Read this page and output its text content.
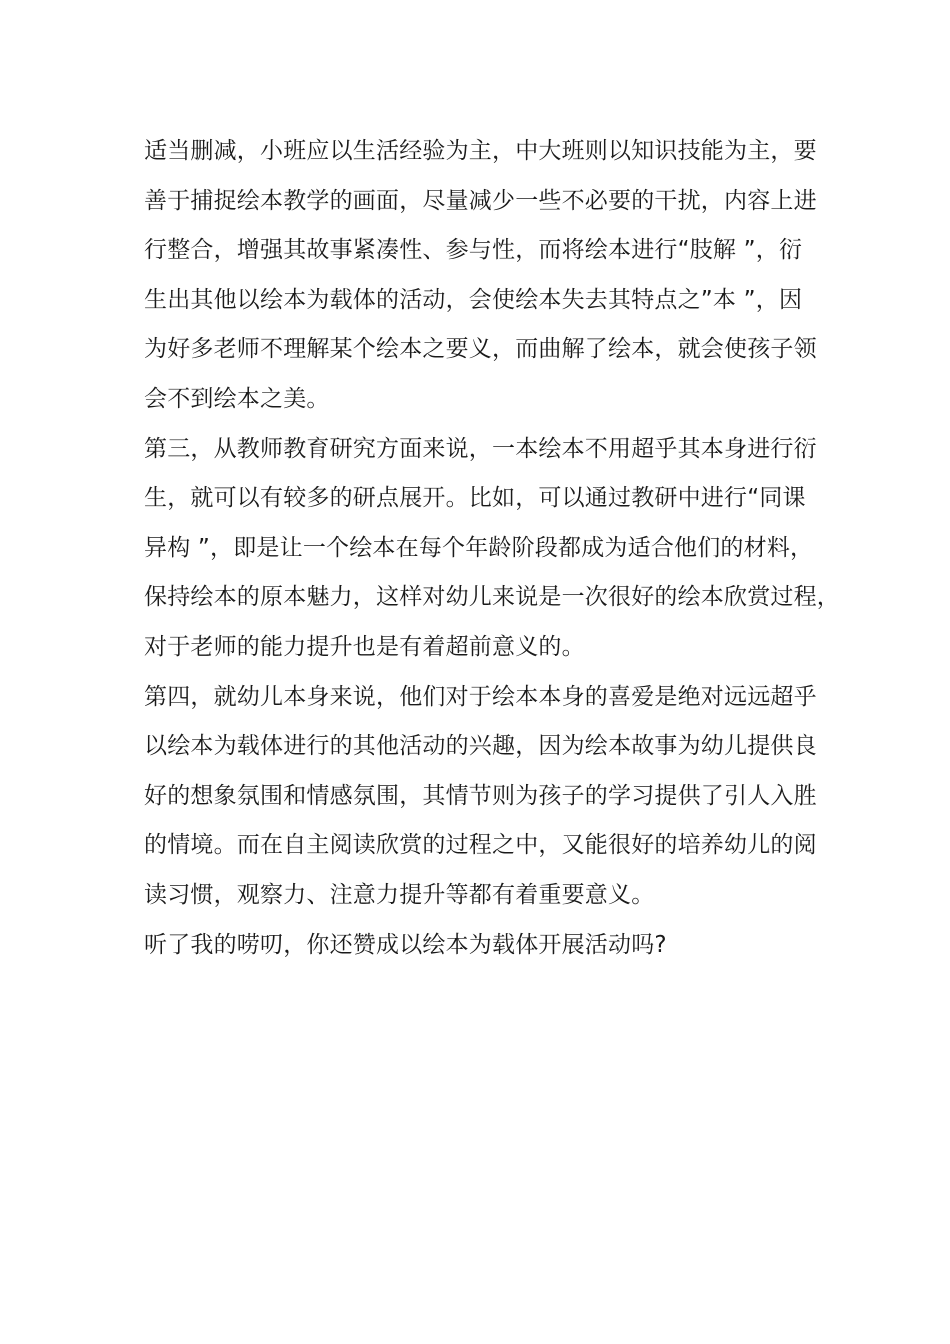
适当删减，小班应以生活经验为主，中大班则以知识技能为主，要
善于捕捉绘本教学的画面，尽量减少一些不必要的干扰，内容上进
行整合，增强其故事紧凑性、参与性，而将绘本进行“肢解 ”，衍
生出其他以绘本为载体的活动，会使绘本失去其特点之”本 ”，因
为好多老师不理解某个绘本之要义，而曲解了绘本，就会使孩子领
会不到绘本之美。
第三，从教师教育研究方面来说，一本绘本不用超乎其本身进行衍
生，就可以有较多的研点展开。比如，可以通过教研中进行“同课
异构 ”，即是让一个绘本在每个年龄阶段都成为适合他们的材料，
保持绘本的原本魅力，这样对幼儿来说是一次很好的绘本欣赏过程，
对于老师的能力提升也是有着超前意义的。
第四，就幼儿本身来说，他们对于绘本本身的喜爱是绝对远远超乎
以绘本为载体进行的其他活动的兴趣，因为绘本故事为幼儿提供良
好的想象氛围和情感氛围，其情节则为孩子的学习提供了引人入胜
的情境。而在自主阅读欣赏的过程之中，又能很好的培养幼儿的阅
读习惯，观察力、注意力提升等都有着重要意义。
听了我的唠叨，你还赞成以绘本为载体开展活动吗?
